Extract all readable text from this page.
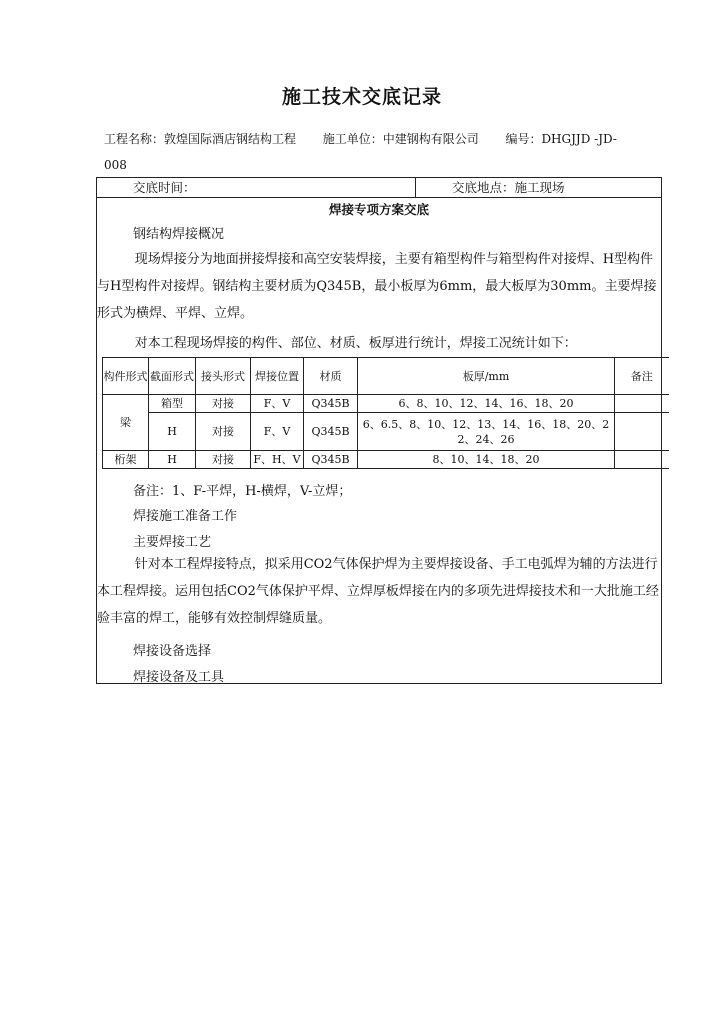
施工技术交底记录
工程名称：敦煌国际酒店钢结构工程 施工单位：中建钢构有限公司 编号：DHGJJD -JD-
008
交底时间：	交底地点：施工现场
焊接专项方案交底
钢结构焊接概况

现场焊接分为地面拼接焊接和高空安装焊接，主要有箱型构件与箱型构件对接焊、H型构件与H型构件对接焊。钢结构主要材质为Q345B，最小板厚为6mm，最大板厚为30mm。主要焊接形式为横焊、平焊、立焊。

对本工程现场焊接的构件、部位、材质、板厚进行统计，焊接工况统计如下：

构件形式	截面形式	接头形式	焊接位置	材质	板厚/mm	备注
梁	箱型	对接	F、V	Q345B	6、8、10、12、14、16、18、20	
	H	对接	F、V	Q345B	6、6.5、8、10、12、13、14、16、18、20、22、24、26	
桁架	H	对接	F、H、V	Q345B	8、10、14、18、20	
备注：1、F-平焊，H-横焊，V-立焊；
焊接施工准备工作
主要焊接工艺

针对本工程焊接特点，拟采用CO2气体保护焊为主要焊接设备、手工电弧焊为辅的方法进行本工程焊接。运用包括CO2气体保护平焊、立焊厚板焊接在内的多项先进焊接技术和一大批施工经验丰富的焊工，能够有效控制焊缝质量。

焊接设备选择
焊接设备及工具
